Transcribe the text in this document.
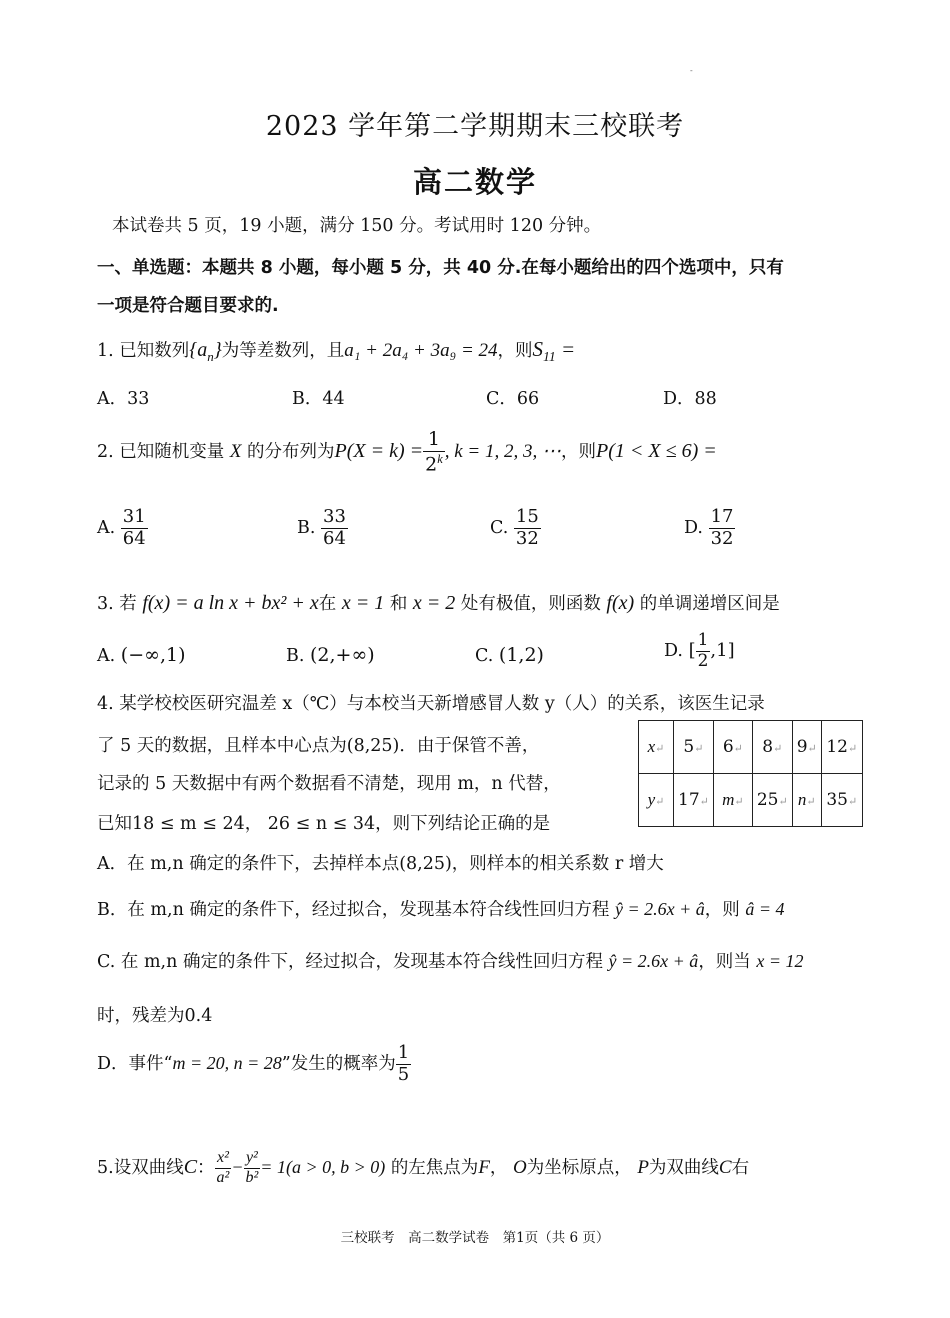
-
2023 学年第二学期期末三校联考
高二数学
本试卷共 5 页，19 小题，满分 150 分。考试用时 120 分钟。
一、单选题：本题共 8 小题，每小题 5 分，共 40 分.在每小题给出的四个选项中，只有
一项是符合题目要求的.
1. 已知数列$\{a_n\}$为等差数列，且a₁ + 2a₄ + 3a₉ = 24，则$S_{11}$ =
A．33	B．44	C．66	D．88
2. 已知随机变量 X 的分布列为$P(X = k) = \frac{1}{2^k}$ , k = 1, 2, 3, ⋯，则P(1 < X ≤ 6) =
A. $\frac{31}{64}$	B. $\frac{33}{64}$	C. $\frac{15}{32}$	D. $\frac{17}{32}$
3. 若 f(x) = a ln x + bx² + x在 x = 1 和 x = 2 处有极值，则函数 f(x) 的单调递增区间是
A. (−∞,1)	B. (2,+∞)	C. (1,2)	D. [ $\frac{1}{2} ,1$]
4. 某学校校医研究温差 x（℃）与本校当天新增感冒人数 y（人）的关系，该医生记录
了 5 天的数据，且样本中心点为(8,25)．由于保管不善，
记录的 5 天数据中有两个数据看不清楚，现用 m，n 代替，
已知18 ≤ m ≤ 24， 26 ≤ n ≤ 34，则下列结论正确的是
x↵	5↵	6↵	8↵	9↵	12↵
y↵	17↵	m↵	25↵	n↵	35↵
A．在 m,n 确定的条件下，去掉样本点(8,25)，则样本的相关系数 r 增大
B．在 m,n 确定的条件下，经过拟合，发现基本符合线性回归方程 ŷ = 2.6x + â，则 â = 4
C. 在 m,n 确定的条件下，经过拟合，发现基本符合线性回归方程 ŷ = 2.6x + â，则当 x = 12
时，残差为0.4
D．事件“m = 20, n = 28”发生的概率为 $\frac{1}{5}$
5.设双曲线C： $\frac{\text{x²}}{\text{a²}} - \frac{\text{y²}}{\text{b²}} = 1(a > 0$, b > 0) 的左焦点为F， O为坐标原点， P为双曲线C右
三校联考　高二数学试卷　第1页（共 6 页）
